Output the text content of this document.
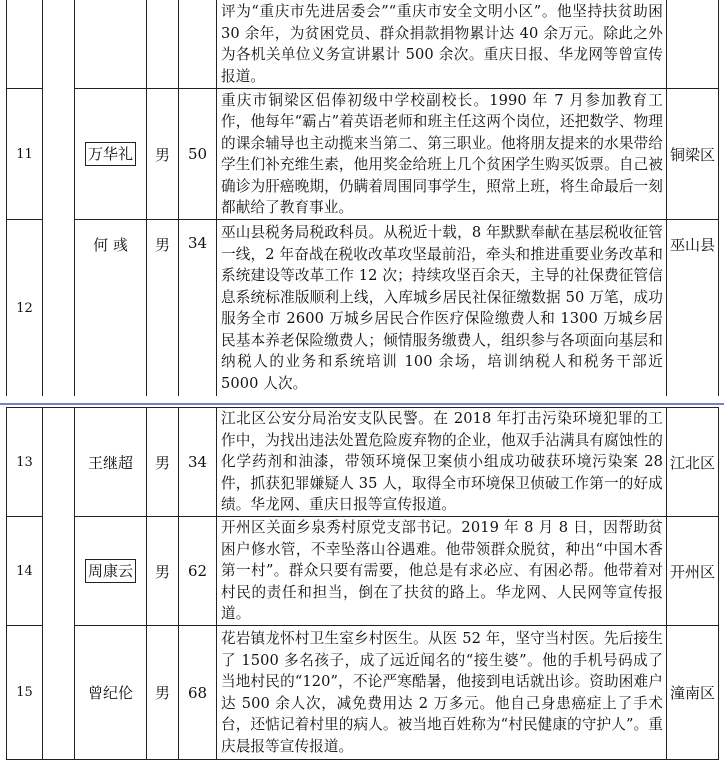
					评为“重庆市先进居委会”“重庆市安全文明小区”。他坚持扶贫助困 30 余年，为贫困党员、群众捐款捐物累计达 40 余万元。除此之外为各机关单位义务宣讲累计 500 余次。重庆日报、华龙网等曾宣传报道。	
11		万华礼	男	50	重庆市铜梁区侣俸初级中学校副校长。1990 年 7 月参加教育工作，他每年“霸占”着英语老师和班主任这两个岗位，还把数学、物理的课余辅导也主动揽来当第二、第三职业。他将朋友提来的水果带给学生们补充维生素，他用奖金给班上几个贫困学生购买饭票。自己被确诊为肝癌晚期，仍瞒着周围同事学生，照常上班，将生命最后一刻都献给了教育事业。	铜梁区
12		何 彧	男	34	巫山县税务局税政科员。从税近十载，8 年默默奉献在基层税收征管一线，2 年奋战在税收改革攻坚最前沿，牵头和推进重要业务改革和系统建设等改革工作 12 次；持续攻坚百余天，主导的社保费征管信息系统标准版顺利上线，入库城乡居民社保征缴数据 50 万笔，成功服务全市 2600 万城乡居民合作医疗保险缴费人和 1300 万城乡居民基本养老保险缴费人；倾情服务缴费人，组织参与各项面向基层和纳税人的业务和系统培训 100 余场，培训纳税人和税务干部近 5000 人次。	巫山县
13		王继超	男	34	江北区公安分局治安支队民警。在 2018 年打击污染环境犯罪的工作中，为找出违法处置危险废弃物的企业，他双手沾满具有腐蚀性的化学药剂和油漆，带领环境保卫案侦小组成功破获环境污染案 28 件，抓获犯罪嫌疑人 35 人，取得全市环境保卫侦破工作第一的好成绩。华龙网、重庆日报等宣传报道。	江北区
14		周康云	男	62	开州区关面乡泉秀村原党支部书记。2019 年 8 月 8 日，因帮助贫困户修水管，不幸坠落山谷遇难。他带领群众脱贫，种出“中国木香第一村”。群众只要有需要，他总是有求必应、有困必帮。他带着对村民的责任和担当，倒在了扶贫的路上。华龙网、人民网等宣传报道。	开州区
15		曾纪伦	男	68	花岩镇龙怀村卫生室乡村医生。从医 52 年，坚守当村医。先后接生了 1500 多名孩子，成了远近闻名的“接生婆”。他的手机号码成了当地村民的“120”，不论严寒酷暑，他接到电话就出诊。资助困难户达 500 余人次，减免费用达 2 万多元。他自己身患癌症上了手术台，还惦记着村里的病人。被当地百姓称为“村民健康的守护人”。重庆晨报等宣传报道。	潼南区
